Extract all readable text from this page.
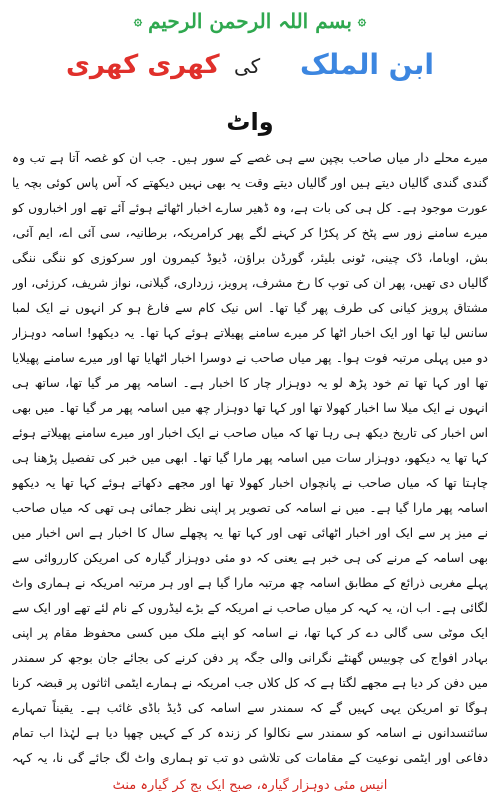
۞ بسم اللہ الرحمن الرحیم ۞
ابن الملک
کی
کھری کھری
واٹ

میرے محلے دار میاں صاحب بچپن سے ہی غصے کے سور ہیں۔ جب ان کو غصہ آتا ہے تب وہ گندی گندی گالیاں دیتے ہیں اور گالیاں دیتے وقت یہ بھی نہیں دیکھتے کہ آس پاس کوئی بچہ یا عورت موجود ہے۔ کل ہی کی بات ہے، وہ ڈھیر سارے اخبار اٹھائے ہوئے آئے تھے اور اخباروں کو میرے سامنے زور سے پٹخ کر پکڑا کر کہنے لگے پھر کرامریکہ، برطانیہ، سی آئی اے، ایم آئی، بش، اوباما، ڈک چینی، ٹونی بلیئر، گورڈن براؤن، ڈیوڈ کیمرون اور سرکوزی کو ننگی ننگی گالیاں دی تھیں، پھر ان کی توپ کا رخ مشرف، پرویز، زرداری، گیلانی، نواز شریف، کرزئی، اور مشتاق پرویز کیانی کی طرف پھر گیا تھا۔ اس نیک کام سے فارغ ہو کر انہوں نے ایک لمبا سانس لیا تھا اور ایک اخبار اٹھا کر میرے سامنے پھیلاتے ہوئے کہا تھا۔ یہ دیکھو! اسامہ دوہزار دو میں پہلی مرتبہ فوت ہوا۔ پھر میاں صاحب نے دوسرا اخبار اٹھایا تھا اور میرے سامنے پھیلایا تھا اور کہا تھا تم خود پڑھ لو یہ دوہزار چار کا اخبار ہے۔ اسامہ پھر مر گیا تھا، ساتھ ہی انہوں نے ایک میلا سا اخبار کھولا تھا اور کہا تھا دوہزار چھ میں اسامہ پھر مر گیا تھا۔ میں بھی اس اخبار کی تاریخ دیکھ ہی رہا تھا کہ میاں صاحب نے ایک اخبار اور میرے سامنے پھیلاتے ہوئے کہا تھا یہ دیکھو، دوہزار سات میں اسامہ پھر مارا گیا تھا۔ ابھی میں خبر کی تفصیل پڑھنا ہی چاہتا تھا کہ میاں صاحب نے پانچواں اخبار کھولا تھا اور مجھے دکھاتے ہوئے کہا تھا یہ دیکھو اسامہ پھر مارا گیا ہے۔ میں نے اسامہ کی تصویر پر اپنی نظر جمائی ہی تھی کہ میاں صاحب نے میز پر سے ایک اور اخبار اٹھائی تھی اور کہا تھا یہ پچھلے سال کا اخبار ہے اس اخبار میں بھی اسامہ کے مرنے کی ہی خبر ہے یعنی کہ دو مئی دوہزار گیارہ کی امریکن کارروائی سے پہلے مغربی ذرائع کے مطابق اسامہ چھ مرتبہ مارا گیا ہے اور ہر مرتبہ امریکہ نے ہماری واٹ لگائی ہے۔ اب ان، یہ کہہ کر میاں صاحب نے امریکہ کے بڑے لیڈروں کے نام لئے تھے اور ایک سے ایک موٹی سی گالی دے کر کہا تھا، نے اسامہ کو اپنے ملک میں کسی محفوظ مقام پر اپنی بہادر افواج کی چوبیس گھنٹے نگرانی والی جگہ پر دفن کرنے کی بجائے جان بوجھ کر سمندر میں دفن کر دیا ہے مجھے لگتا ہے کہ کل کلاں جب امریکہ نے ہمارے ایٹمی اثاثوں پر قبضہ کرنا ہوگا تو امریکن یہی کہیں گے کہ سمندر سے اسامہ کی ڈیڈ باڈی غائب ہے۔ یقیناً تمہارے سائنسدانوں نے اسامہ کو سمندر سے نکالوا کر زندہ کر کے کہیں چھپا دیا ہے لہٰذا اب تمام دفاعی اور ایٹمی نوعیت کے مقامات کی تلاشی دو تب تو ہماری واٹ لگ جائے گی نا، یہ کہہ

انیس مئی دوہزار گیارہ، صبح ایک بج کر گیارہ منٹ
